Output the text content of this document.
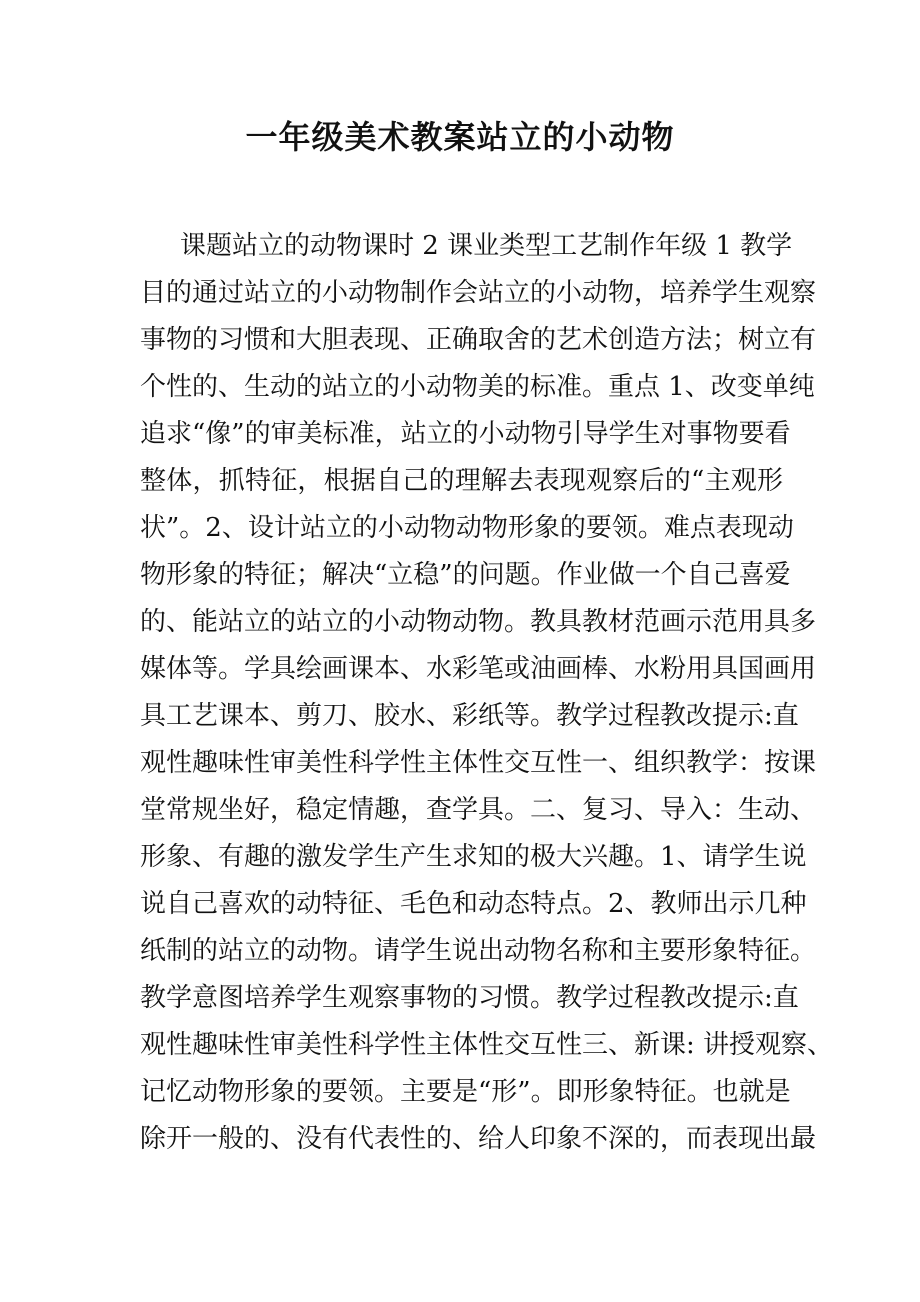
一年级美术教案站立的小动物
课题站立的动物课时 2 课业类型工艺制作年级 1 教学
目的通过站立的小动物制作会站立的小动物，培养学生观察
事物的习惯和大胆表现、正确取舍的艺术创造方法；树立有
个性的、生动的站立的小动物美的标准。重点 1、改变单纯
追求“像”的审美标准，站立的小动物引导学生对事物要看
整体，抓特征，根据自己的理解去表现观察后的“主观形
状”。2、设计站立的小动物动物形象的要领。难点表现动
物形象的特征；解决“立稳”的问题。作业做一个自己喜爱
的、能站立的站立的小动物动物。教具教材范画示范用具多
媒体等。学具绘画课本、水彩笔或油画棒、水粉用具国画用
具工艺课本、剪刀、胶水、彩纸等。教学过程教改提示:直
观性趣味性审美性科学性主体性交互性一、组织教学：按课
堂常规坐好，稳定情趣，查学具。二、复习、导入：生动、
形象、有趣的激发学生产生求知的极大兴趣。1、请学生说
说自己喜欢的动特征、毛色和动态特点。2、教师出示几种
纸制的站立的动物。请学生说出动物名称和主要形象特征。
教学意图培养学生观察事物的习惯。教学过程教改提示:直
观性趣味性审美性科学性主体性交互性三、新课: 讲授观察、
记忆动物形象的要领。主要是“形”。即形象特征。也就是
除开一般的、没有代表性的、给人印象不深的，而表现出最
